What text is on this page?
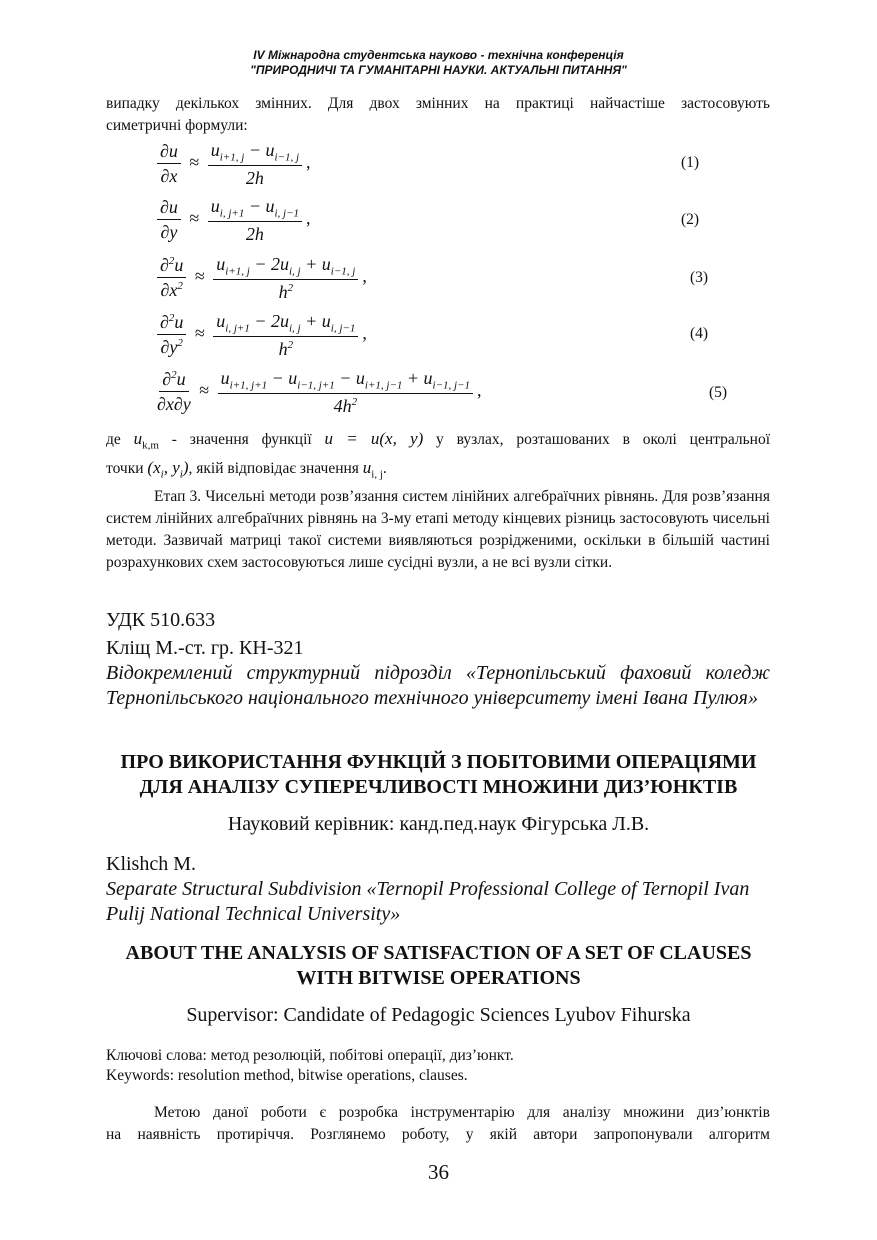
IV Міжнародна студентська науково - технічна конференція
"ПРИРОДНИЧІ ТА ГУМАНІТАРНІ НАУКИ. АКТУАЛЬНІ ПИТАННЯ"
випадку декількох змінних. Для двох змінних на практиці найчастіше застосовують
симетричні формули:
$\frac{\partial u}{\partial x} \approx \frac{u_{i+1, j} - u_{i-1, j}}{2h}$ ,	(1)
$\frac{\partial u}{\partial y} \approx \frac{u_{i, j+1} - u_{i, j-1}}{2h}$ ,	(2)
$\frac{\partial^2u}{\partial x^2} \approx \frac{u_{i+1, j} - 2u_{i, j} + u_{i-1, j}}{h^2}$ ,	(3)
$\frac{\partial^2u}{\partial y^2} \approx \frac{u_{i, j+1} - 2u_{i, j} + u_{i, j-1}}{h^2}$ ,	(4)
$\frac{\partial^2u}{\partial x\partial y} \approx \frac{u_{i+1, j+1} - u_{i-1, j+1} - u_{i+1, j-1} + u_{i-1, j-1}}{4h^2}$ ,	(5)
де $u_{k,m}$ - значення функції u = u(x, y) у вузлах, розташованих в околі центральної
точки ($x_i$, $y_i$), якій відповідає значення $u_{i, j}$.
Етап 3. Чисельні методи розв’язання систем лінійних алгебраїчних рівнянь. Для розв’язання систем лінійних алгебраїчних рівнянь на 3-му етапі методу кінцевих різниць застосовують чисельні методи. Зазвичай матриці такої системи виявляються розрідженими, оскільки в більшій частині розрахункових схем застосовуються лише сусідні вузли, а не всі вузли сітки.
УДК 510.633
Кліщ М.-ст. гр. КН-321
Відокремлений структурний підрозділ «Тернопільський фаховий коледж Тернопільського національного технічного університету імені Івана Пулюя»
ПРО ВИКОРИСТАННЯ ФУНКЦІЙ З ПОБІТОВИМИ ОПЕРАЦІЯМИ
ДЛЯ АНАЛІЗУ СУПЕРЕЧЛИВОСТІ МНОЖИНИ ДИЗ’ЮНКТІВ
Науковий керівник: канд.пед.наук Фігурська Л.В.
Klishch M.
Separate Structural Subdivision «Ternopil Professional College of Ternopil Ivan Pulij National Technical University»
ABOUT THE ANALYSIS OF SATISFACTION OF A SET OF CLAUSES
WITH BITWISE OPERATIONS
Supervisor: Candidate of Pedagogic Sciences Lyubov Fihurska
Ключові слова: метод резолюцій, побітові операції, диз’юнкт.
Keywords: resolution method, bitwise operations, clauses.
Метою даної роботи є розробка інструментарію для аналізу множини диз’юнктів
на наявність протиріччя. Розглянемо роботу, у якій автори запропонували алгоритм
36
